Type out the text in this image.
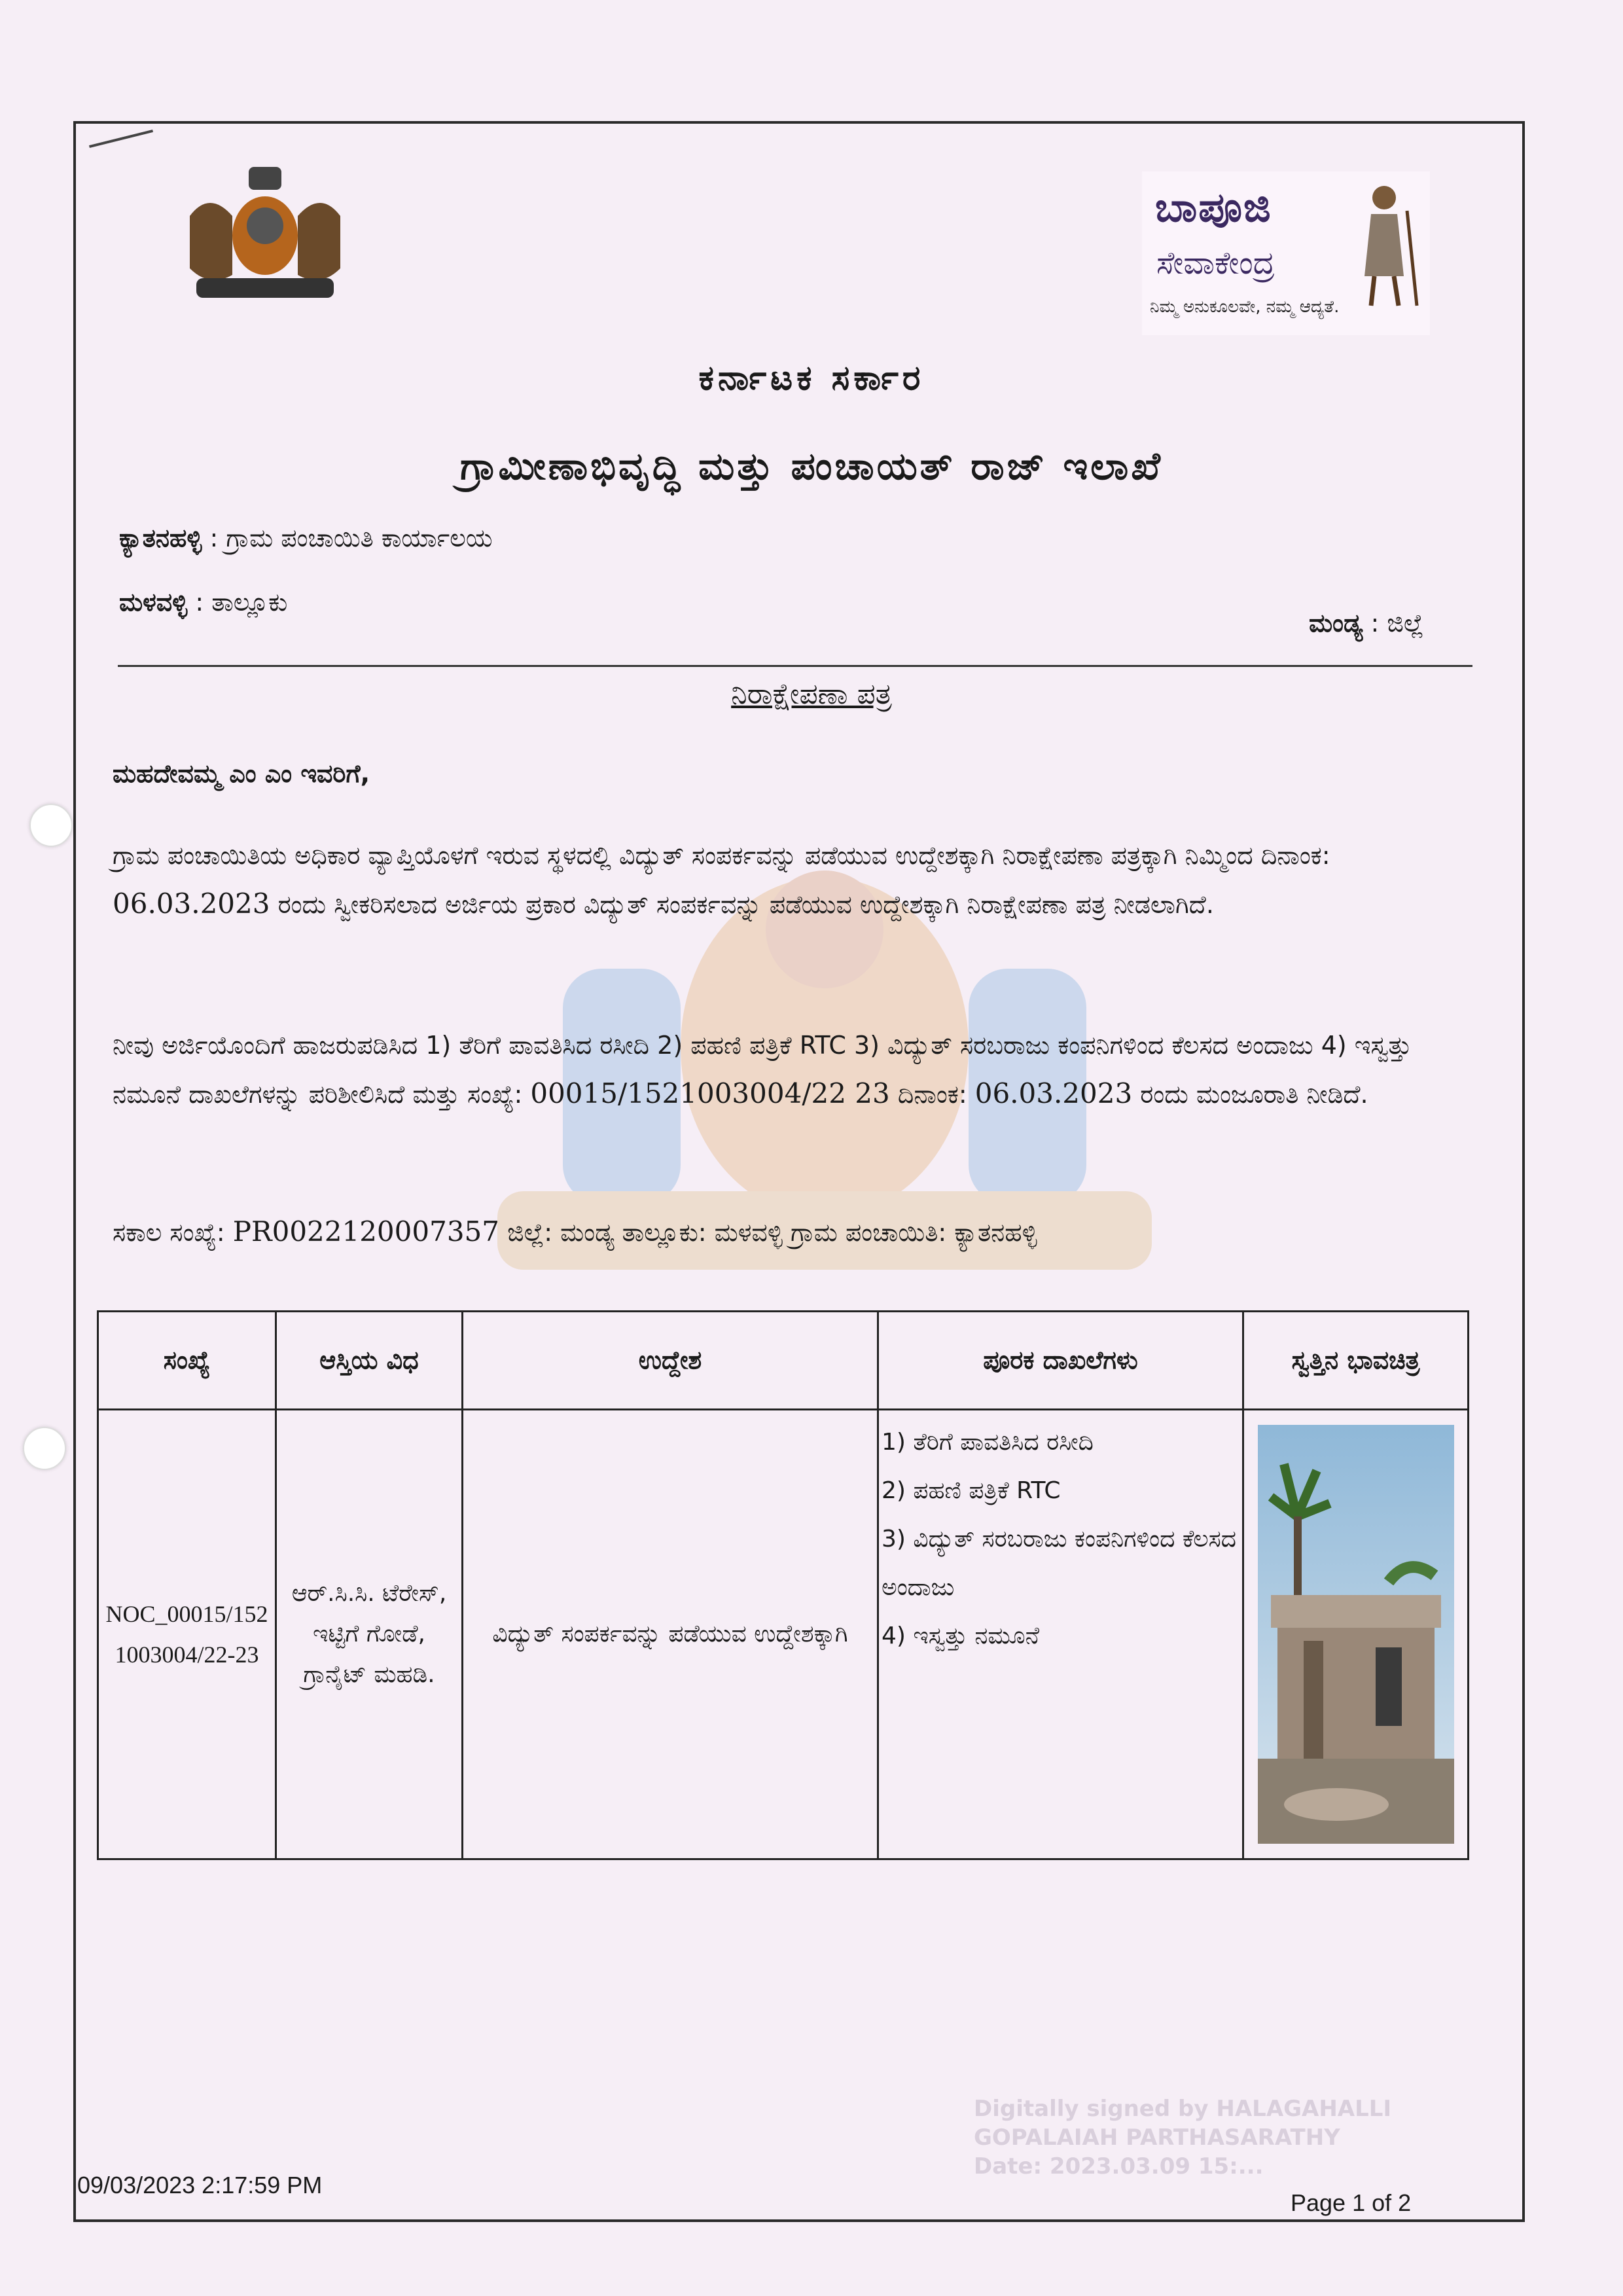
ಬಾಪೂಜಿ
ಸೇವಾಕೇಂದ್ರ
ನಿಮ್ಮ ಅನುಕೂಲವೇ, ನಮ್ಮ ಆದ್ಯತೆ.
ಕರ್ನಾಟಕ ಸರ್ಕಾರ
ಗ್ರಾಮೀಣಾಭಿವೃದ್ಧಿ ಮತ್ತು ಪಂಚಾಯತ್ ರಾಜ್ ಇಲಾಖೆ
ಕ್ಯಾತನಹಳ್ಳಿ : ಗ್ರಾಮ ಪಂಚಾಯಿತಿ ಕಾರ್ಯಾಲಯ
ಮಳವಳ್ಳಿ : ತಾಲ್ಲೂಕು
ಮಂಡ್ಯ : ಜಿಲ್ಲೆ
ನಿರಾಕ್ಷೇಪಣಾ ಪತ್ರ
ಮಹದೇವಮ್ಮ ಎಂ ಎಂ ಇವರಿಗೆ,
ಗ್ರಾಮ ಪಂಚಾಯಿತಿಯ ಅಧಿಕಾರ ವ್ಯಾಪ್ತಿಯೊಳಗೆ ಇರುವ ಸ್ಥಳದಲ್ಲಿ ವಿದ್ಯುತ್ ಸಂಪರ್ಕವನ್ನು ಪಡೆಯುವ ಉದ್ದೇಶಕ್ಕಾಗಿ ನಿರಾಕ್ಷೇಪಣಾ ಪತ್ರಕ್ಕಾಗಿ ನಿಮ್ಮಿಂದ ದಿನಾಂಕ: 06.03.2023 ರಂದು ಸ್ವೀಕರಿಸಲಾದ ಅರ್ಜಿಯ ಪ್ರಕಾರ ವಿದ್ಯುತ್ ಸಂಪರ್ಕವನ್ನು ಪಡೆಯುವ ಉದ್ದೇಶಕ್ಕಾಗಿ ನಿರಾಕ್ಷೇಪಣಾ ಪತ್ರ ನೀಡಲಾಗಿದೆ.
ನೀವು ಅರ್ಜಿಯೊಂದಿಗೆ ಹಾಜರುಪಡಿಸಿದ 1) ತೆರಿಗೆ ಪಾವತಿಸಿದ ರಸೀದಿ 2) ಪಹಣಿ ಪತ್ರಿಕೆ RTC 3) ವಿದ್ಯುತ್ ಸರಬರಾಜು ಕಂಪನಿಗಳಿಂದ ಕೆಲಸದ ಅಂದಾಜು 4) ಇಸ್ವತ್ತು ನಮೂನೆ ದಾಖಲೆಗಳನ್ನು ಪರಿಶೀಲಿಸಿದೆ ಮತ್ತು ಸಂಖ್ಯೆ: 00015/1521003004/22 23 ದಿನಾಂಕ: 06.03.2023 ರಂದು ಮಂಜೂರಾತಿ ನೀಡಿದೆ.
ಸಕಾಲ ಸಂಖ್ಯೆ: PR0022120007357 ಜಿಲ್ಲೆ: ಮಂಡ್ಯ ತಾಲ್ಲೂಕು: ಮಳವಳ್ಳಿ ಗ್ರಾಮ ಪಂಚಾಯಿತಿ: ಕ್ಯಾತನಹಳ್ಳಿ
ಸಂಖ್ಯೆ	ಆಸ್ತಿಯ ವಿಧ	ಉದ್ದೇಶ	ಪೂರಕ ದಾಖಲೆಗಳು	ಸ್ವತ್ತಿನ ಭಾವಚಿತ್ರ
NOC_00015/1521003004/22-23	ಆರ್.ಸಿ.ಸಿ. ಟೆರೇಸ್, ಇಟ್ಟಿಗೆ ಗೋಡೆ, ಗ್ರಾನೈಟ್ ಮಹಡಿ.	ವಿದ್ಯುತ್ ಸಂಪರ್ಕವನ್ನು ಪಡೆಯುವ ಉದ್ದೇಶಕ್ಕಾಗಿ	1) ತೆರಿಗೆ ಪಾವತಿಸಿದ ರಸೀದಿ
2) ಪಹಣಿ ಪತ್ರಿಕೆ RTC
3) ವಿದ್ಯುತ್ ಸರಬರಾಜು ಕಂಪನಿಗಳಿಂದ ಕೆಲಸದ ಅಂದಾಜು
4) ಇಸ್ವತ್ತು ನಮೂನೆ

Digitally signed by HALAGAHALLI
GOPALAIAH PARTHASARATHY
Date: 2023.03.09 15:...
09/03/2023 2:17:59 PM
Page 1 of 2
